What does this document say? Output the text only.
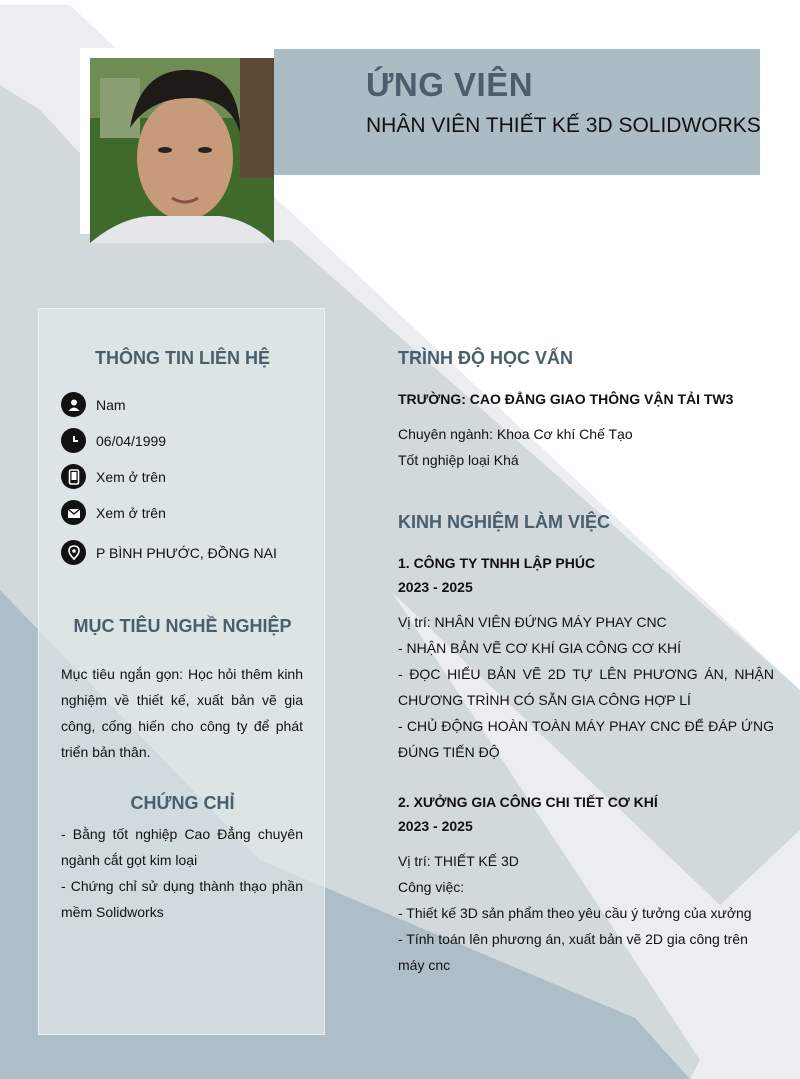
ỨNG VIÊN
NHÂN VIÊN THIẾT KẾ 3D SOLIDWORKS
THÔNG TIN LIÊN HỆ
Nam
06/04/1999
Xem ở trên
Xem ở trên
P BÌNH PHƯỚC, ĐỒNG NAI
MỤC TIÊU NGHỀ NGHIỆP
Mục tiêu ngắn gọn: Học hỏi thêm kinh nghiệm về thiết kế, xuất bản vẽ gia công, cống hiến cho công ty để phát triển bản thân.
CHỨNG CHỈ
- Bằng tốt nghiệp Cao Đẳng chuyên ngành cắt gọt kim loại
- Chứng chỉ sử dụng thành thạo phần mềm Solidworks
TRÌNH ĐỘ HỌC VẤN
TRƯỜNG: CAO ĐẲNG GIAO THÔNG VẬN TẢI TW3
Chuyên ngành: Khoa Cơ khí Chế Tạo
Tốt nghiệp loại Khá
KINH NGHIỆM LÀM VIỆC
1. CÔNG TY TNHH LẬP PHÚC
2023 - 2025
Vị trí: NHÂN VIÊN ĐỨNG MÁY PHAY CNC
- NHẬN BẢN VẼ CƠ KHÍ GIA CÔNG CƠ KHÍ
- ĐỌC HIỂU BẢN VẼ 2D TỰ LÊN PHƯƠNG ÁN, NHẬN CHƯƠNG TRÌNH CÓ SẴN GIA CÔNG HỢP LÍ
- CHỦ ĐỘNG HOÀN TOÀN MÁY PHAY CNC ĐỂ ĐÁP ỨNG ĐÚNG TIẾN ĐỘ
2. XƯỞNG GIA CÔNG CHI TIẾT CƠ KHÍ
2023 - 2025
Vị trí: THIẾT KẾ 3D
Công việc:
- Thiết kế 3D sản phẩm theo yêu cầu ý tưởng của xưởng
- Tính toán lên phương án, xuất bản vẽ 2D gia công trên máy cnc
